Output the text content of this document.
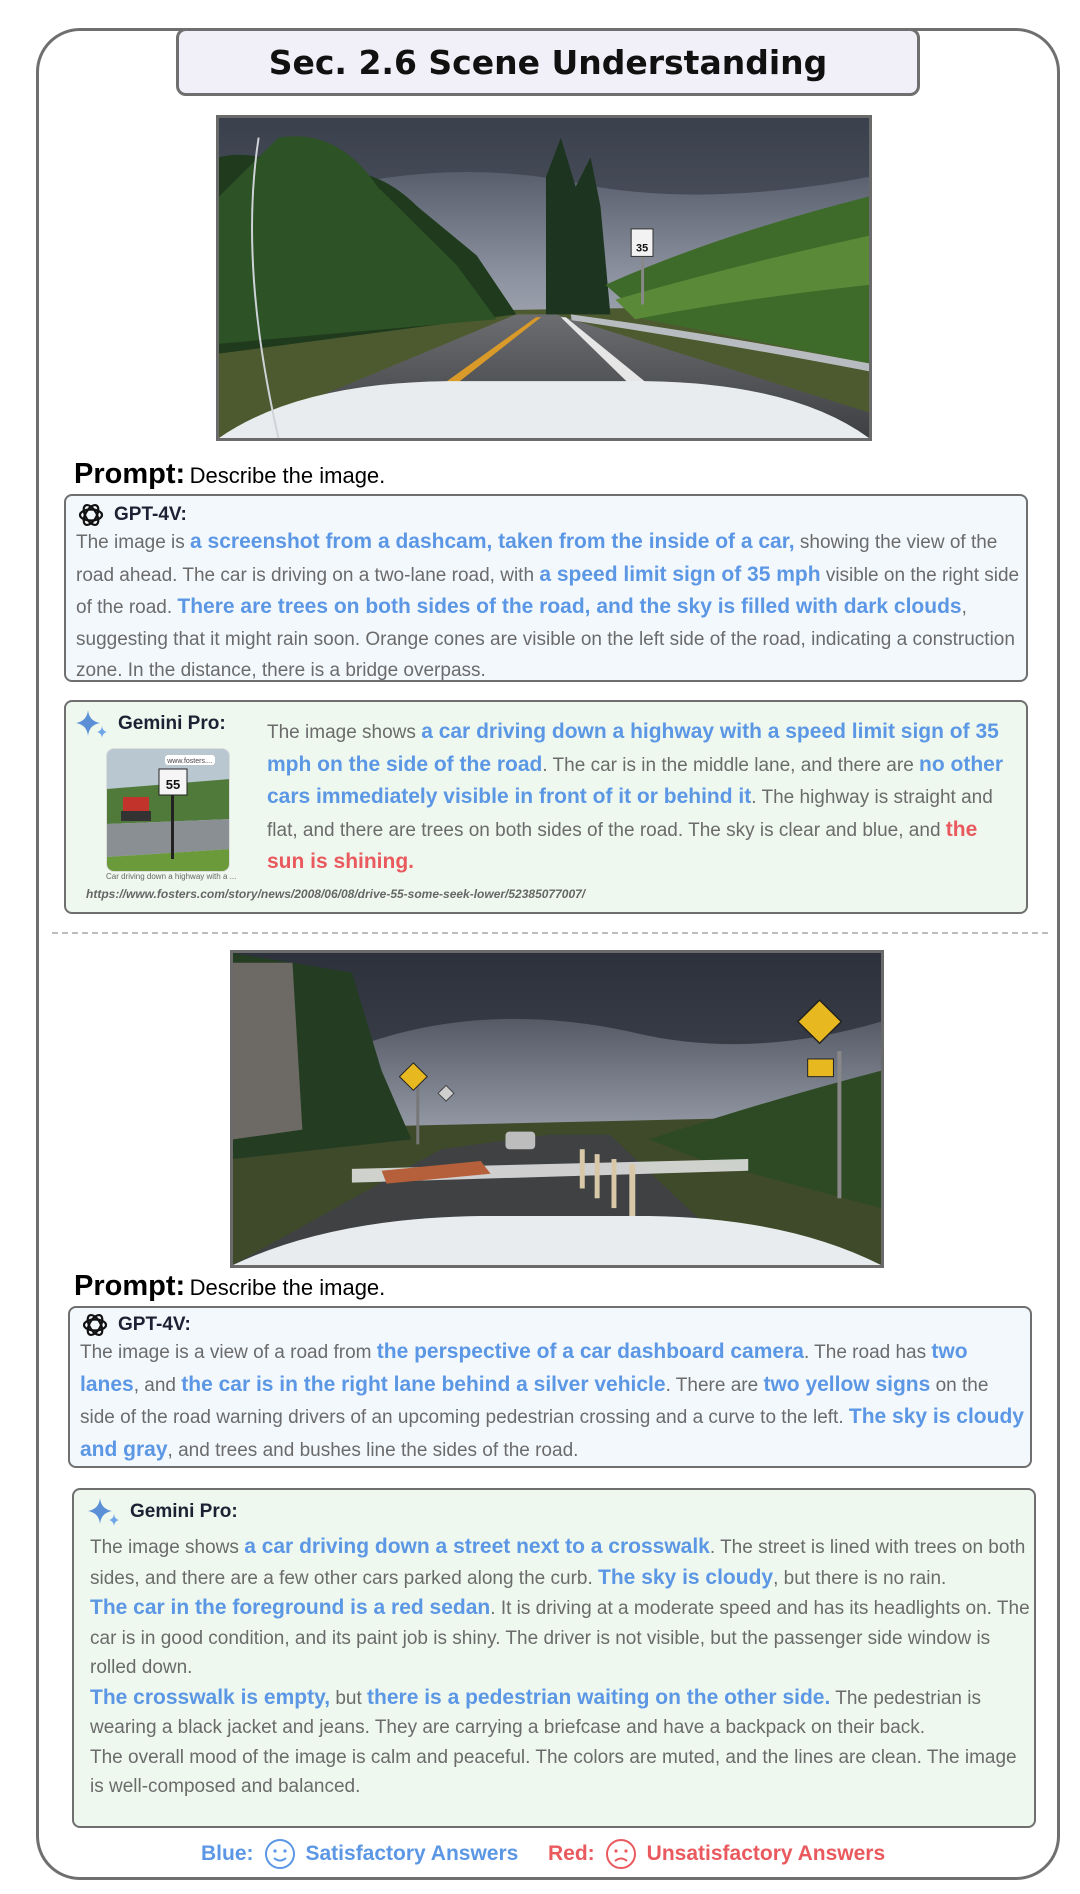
Sec. 2.6 Scene Understanding
35
Prompt: Describe the image.
GPT-4V:
The image is a screenshot from a dashcam, taken from the inside of a car, showing the view of the road ahead. The car is driving on a two-lane road, with a speed limit sign of 35 mph visible on the right side of the road. There are trees on both sides of the road, and the sky is filled with dark clouds, suggesting that it might rain soon. Orange cones are visible on the left side of the road, indicating a construction zone. In the distance, there is a bridge overpass.
Gemini Pro: The image shows a car driving down a highway with a speed limit sign of 35 mph on the side of the road. The car is in the middle lane, and there are no other cars immediately visible in front of it or behind it. The highway is straight and flat, and there are trees on both sides of the road. The sky is clear and blue, and the sun is shining.
55
www.fosters....
Car driving down a highway with a ...
https://www.fosters.com/story/news/2008/06/08/drive-55-some-seek-lower/52385077007/
Prompt: Describe the image.
GPT-4V:
The image is a view of a road from the perspective of a car dashboard camera. The road has two lanes, and the car is in the right lane behind a silver vehicle. There are two yellow signs on the side of the road warning drivers of an upcoming pedestrian crossing and a curve to the left. The sky is cloudy and gray, and trees and bushes line the sides of the road.
Gemini Pro:

The image shows a car driving down a street next to a crosswalk. The street is lined with trees on both sides, and there are a few other cars parked along the curb. The sky is cloudy, but there is no rain.

The car in the foreground is a red sedan. It is driving at a moderate speed and has its headlights on. The car is in good condition, and its paint job is shiny. The driver is not visible, but the passenger side window is rolled down.

The crosswalk is empty, but there is a pedestrian waiting on the other side. The pedestrian is wearing a black jacket and jeans. They are carrying a briefcase and have a backpack on their back.

The overall mood of the image is calm and peaceful. The colors are muted, and the lines are clean. The image is well-composed and balanced.

Blue: Satisfactory Answers Red: Unsatisfactory Answers
